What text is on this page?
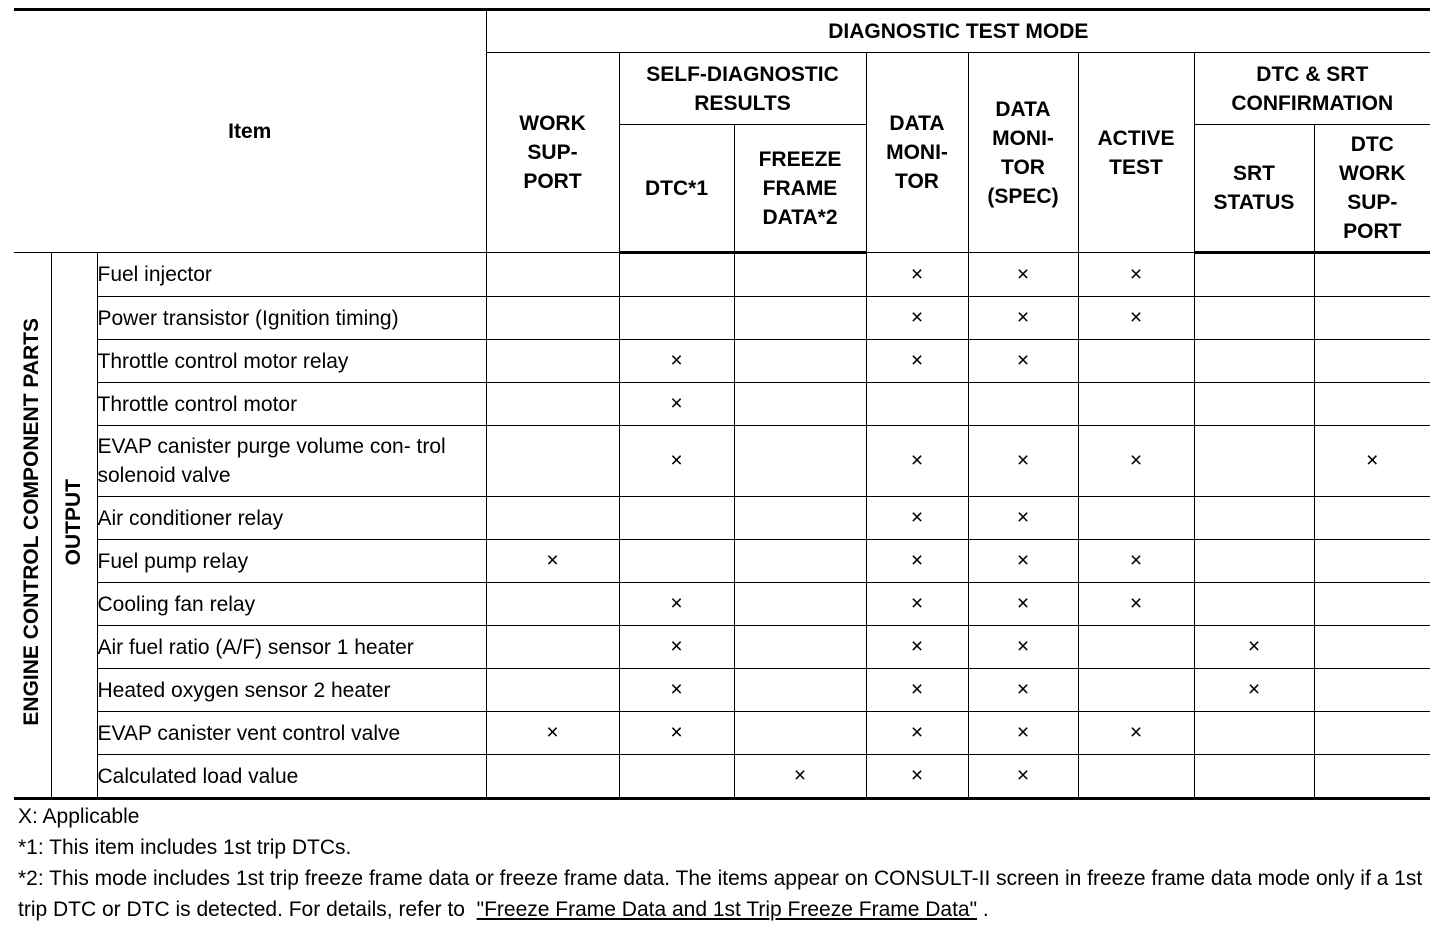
Item			DIAGNOSTIC TEST MODE							

			WORK SUP- PORT	SELF-DIAGNOSTIC RESULTS		DATA MONI- TOR	DATA MONI- TOR (SPEC)	ACTIVE TEST	DTC & SRT CONFIRMATION	

				DTC*1	FREEZE FRAME DATA*2				SRT STATUS	DTC WORK SUP- PORT

ENGINE CONTROL COMPONENT PARTS	OUTPUT	Fuel injector				×	×	×		
		Power transistor (Ignition timing)				×	×	×		
		Throttle control motor relay		×		×	×			
		Throttle control motor		×						
		EVAP canister purge volume con- trol solenoid valve		×		×	×	×		×
		Air conditioner relay				×	×			
		Fuel pump relay	×			×	×	×		
		Cooling fan relay		×		×	×	×		
		Air fuel ratio (A/F) sensor 1 heater		×		×	×		×	
		Heated oxygen sensor 2 heater		×		×	×		×	
		EVAP canister vent control valve	×	×		×	×	×		
		Calculated load value			×	×	×			

X: Applicable

*1: This item includes 1st trip DTCs.

*2: This mode includes 1st trip freeze frame data or freeze frame data. The items appear on CONSULT-II screen in freeze frame data mode only if a 1st trip DTC or DTC is detected. For details, refer to "Freeze Frame Data and 1st Trip Freeze Frame Data" .
